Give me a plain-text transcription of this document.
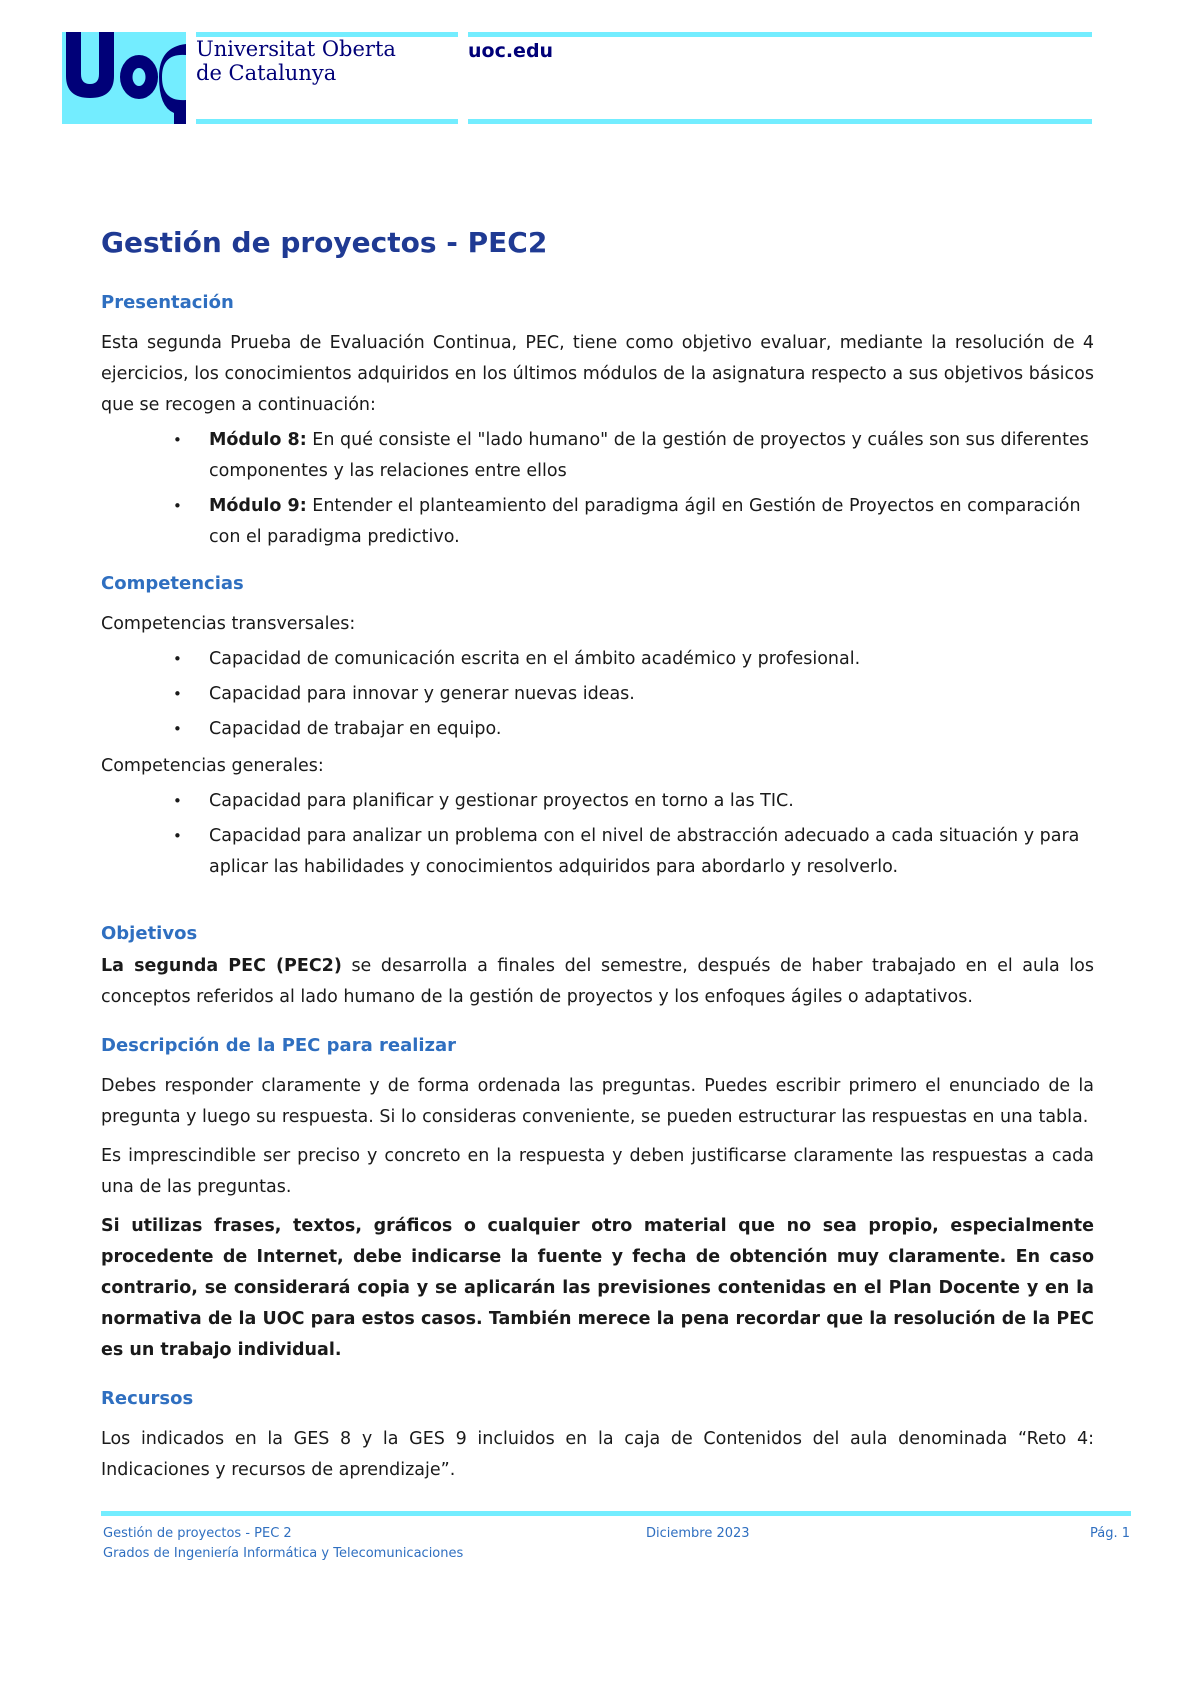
Universitat Oberta
de Catalunya
uoc.edu
Gestión de proyectos - PEC2
Presentación

Esta segunda Prueba de Evaluación Continua, PEC, tiene como objetivo evaluar, mediante la resolución de 4 ejercicios, los conocimientos adquiridos en los últimos módulos de la asignatura respecto a sus objetivos básicos que se recogen a continuación:

• Módulo 8: En qué consiste el "lado humano" de la gestión de proyectos y cuáles son sus diferentes componentes y las relaciones entre ellos
• Módulo 9: Entender el planteamiento del paradigma ágil en Gestión de Proyectos en comparación con el paradigma predictivo.
Competencias

Competencias transversales:

• Capacidad de comunicación escrita en el ámbito académico y profesional.
• Capacidad para innovar y generar nuevas ideas.
• Capacidad de trabajar en equipo.

Competencias generales:

• Capacidad para planificar y gestionar proyectos en torno a las TIC.
• Capacidad para analizar un problema con el nivel de abstracción adecuado a cada situación y para aplicar las habilidades y conocimientos adquiridos para abordarlo y resolverlo.
Objetivos

La segunda PEC (PEC2) se desarrolla a finales del semestre, después de haber trabajado en el aula los conceptos referidos al lado humano de la gestión de proyectos y los enfoques ágiles o adaptativos.

Descripción de la PEC para realizar

Debes responder claramente y de forma ordenada las preguntas. Puedes escribir primero el enunciado de la pregunta y luego su respuesta. Si lo consideras conveniente, se pueden estructurar las respuestas en una tabla.

Es imprescindible ser preciso y concreto en la respuesta y deben justificarse claramente las respuestas a cada una de las preguntas.

Si utilizas frases, textos, gráficos o cualquier otro material que no sea propio, especialmente procedente de Internet, debe indicarse la fuente y fecha de obtención muy claramente. En caso contrario, se considerará copia y se aplicarán las previsiones contenidas en el Plan Docente y en la normativa de la UOC para estos casos. También merece la pena recordar que la resolución de la PEC es un trabajo individual.

Recursos

Los indicados en la GES 8 y la GES 9 incluidos en la caja de Contenidos del aula denominada “Reto 4: Indicaciones y recursos de aprendizaje”.

Gestión de proyectos - PEC 2
Grados de Ingeniería Informática y Telecomunicaciones
Diciembre 2023	Pág. 1
